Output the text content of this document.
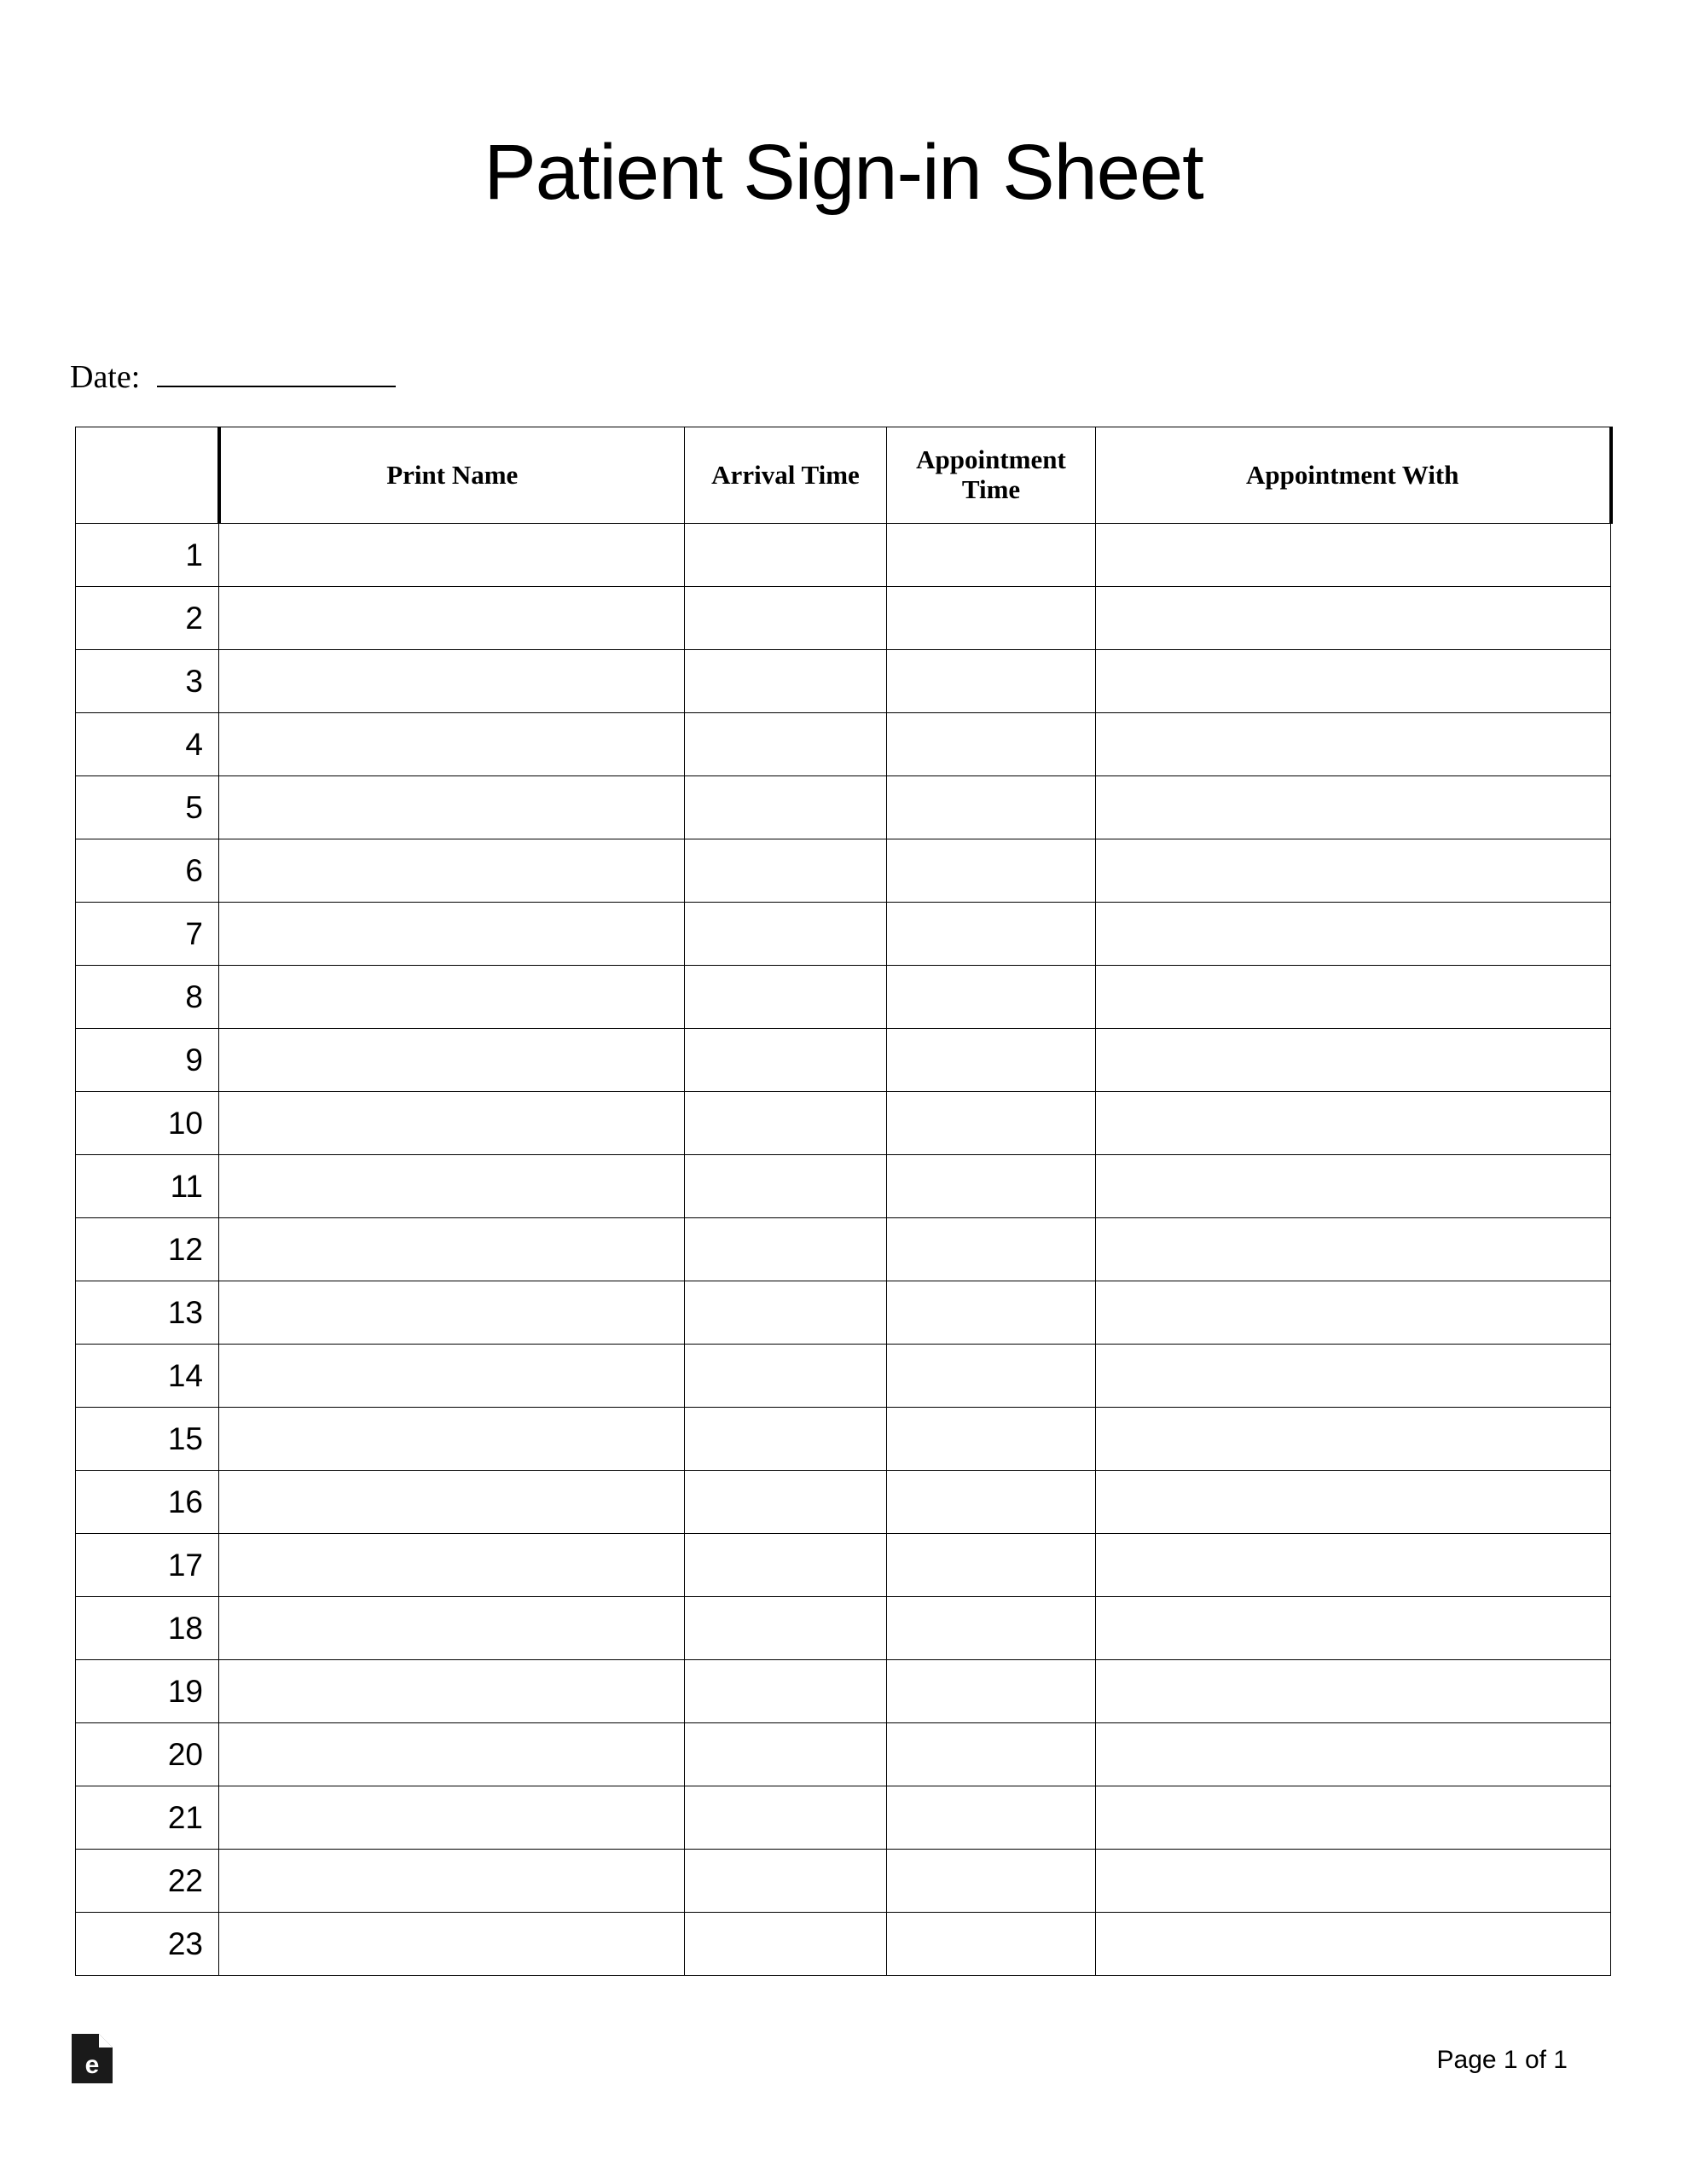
Patient Sign-in Sheet
Date:
	Print Name	Arrival Time	Appointment Time	Appointment With
1				
2				
3				
4				
5				
6				
7				
8				
9				
10				
11				
12				
13				
14				
15				
16				
17				
18				
19				
20				
21				
22				
23				
e	Page 1 of 1
